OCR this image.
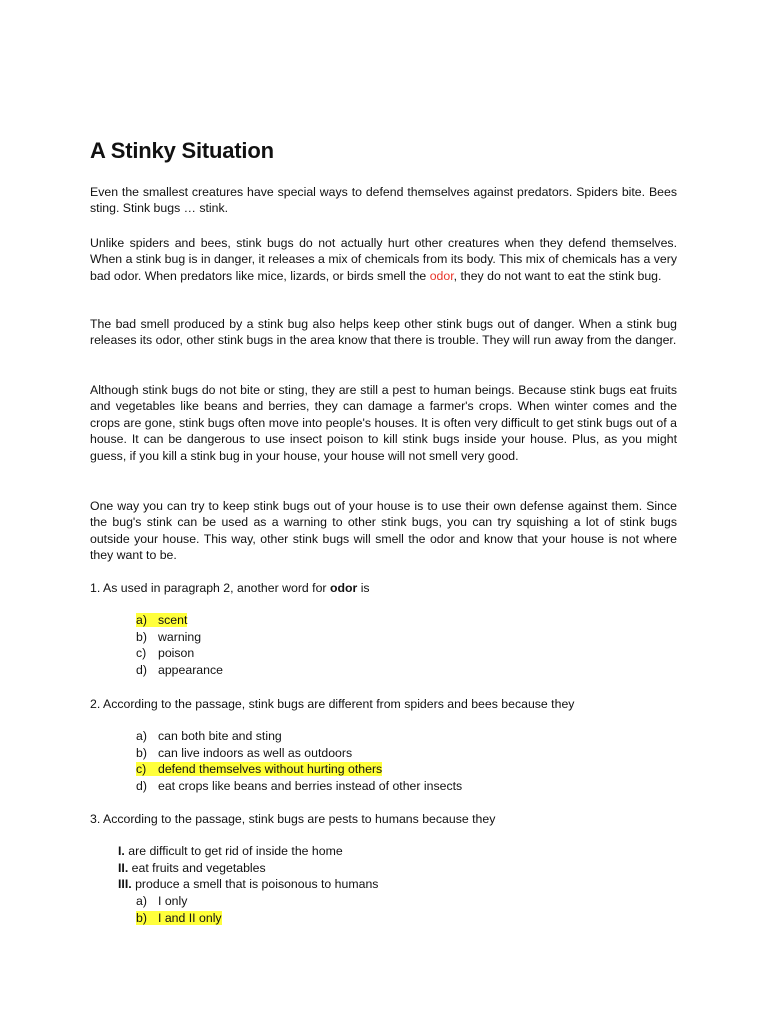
A Stinky Situation

Even the smallest creatures have special ways to defend themselves against predators. Spiders bite. Bees sting. Stink bugs … stink.

Unlike spiders and bees, stink bugs do not actually hurt other creatures when they defend themselves. When a stink bug is in danger, it releases a mix of chemicals from its body. This mix of chemicals has a very bad odor. When predators like mice, lizards, or birds smell the odor, they do not want to eat the stink bug.

The bad smell produced by a stink bug also helps keep other stink bugs out of danger. When a stink bug releases its odor, other stink bugs in the area know that there is trouble. They will run away from the danger.

Although stink bugs do not bite or sting, they are still a pest to human beings. Because stink bugs eat fruits and vegetables like beans and berries, they can damage a farmer's crops. When winter comes and the crops are gone, stink bugs often move into people's houses. It is often very difficult to get stink bugs out of a house. It can be dangerous to use insect poison to kill stink bugs inside your house. Plus, as you might guess, if you kill a stink bug in your house, your house will not smell very good.

One way you can try to keep stink bugs out of your house is to use their own defense against them. Since the bug's stink can be used as a warning to other stink bugs, you can try squishing a lot of stink bugs outside your house. This way, other stink bugs will smell the odor and know that your house is not where they want to be.

1. As used in paragraph 2, another word for odor is

a) scent
b) warning
c) poison
d) appearance

2. According to the passage, stink bugs are different from spiders and bees because they

a) can both bite and sting
b) can live indoors as well as outdoors
c) defend themselves without hurting others
d) eat crops like beans and berries instead of other insects

3. According to the passage, stink bugs are pests to humans because they

I. are difficult to get rid of inside the home
II. eat fruits and vegetables
III. produce a smell that is poisonous to humans
a) I only
b) I and II only
